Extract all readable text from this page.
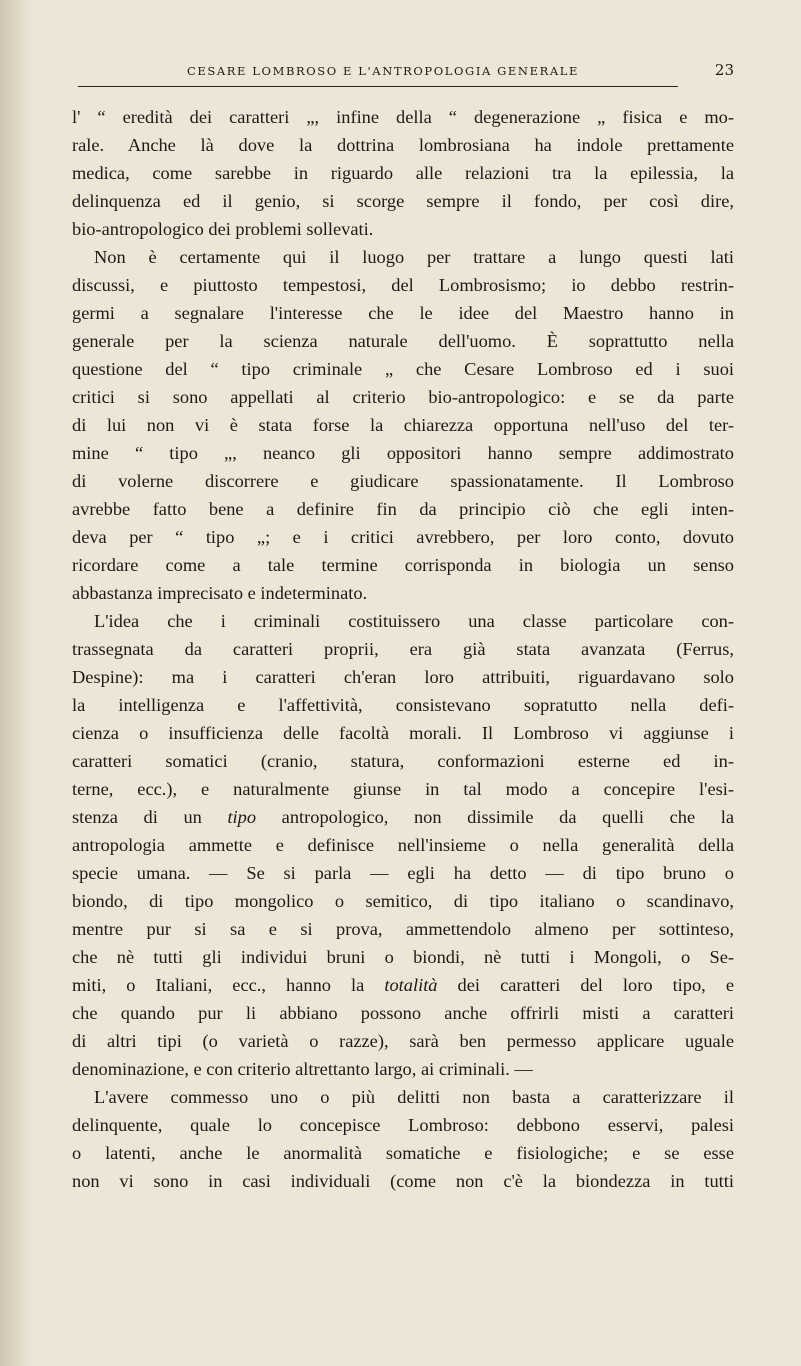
CESARE LOMBROSO E L'ANTROPOLOGIA GENERALE	23
l' “ eredità dei caratteri „, infine della “ degenerazione „ fisica e mo-
rale. Anche là dove la dottrina lombrosiana ha indole prettamente
medica, come sarebbe in riguardo alle relazioni tra la epilessia, la
delinquenza ed il genio, si scorge sempre il fondo, per così dire,
bio-antropologico dei problemi sollevati.
Non è certamente qui il luogo per trattare a lungo questi lati
discussi, e piuttosto tempestosi, del Lombrosismo; io debbo restrin-
germi a segnalare l'interesse che le idee del Maestro hanno in
generale per la scienza naturale dell'uomo. È soprattutto nella
questione del “ tipo criminale „ che Cesare Lombroso ed i suoi
critici si sono appellati al criterio bio-antropologico: e se da parte
di lui non vi è stata forse la chiarezza opportuna nell'uso del ter-
mine “ tipo „, neanco gli oppositori hanno sempre addimostrato
di volerne discorrere e giudicare spassionatamente. Il Lombroso
avrebbe fatto bene a definire fin da principio ciò che egli inten-
deva per “ tipo „; e i critici avrebbero, per loro conto, dovuto
ricordare come a tale termine corrisponda in biologia un senso
abbastanza imprecisato e indeterminato.
L'idea che i criminali costituissero una classe particolare con-
trassegnata da caratteri proprii, era già stata avanzata (Ferrus,
Despine): ma i caratteri ch'eran loro attribuiti, riguardavano solo
la intelligenza e l'affettività, consistevano sopratutto nella defi-
cienza o insufficienza delle facoltà morali. Il Lombroso vi aggiunse i
caratteri somatici (cranio, statura, conformazioni esterne ed in-
terne, ecc.), e naturalmente giunse in tal modo a concepire l'esi-
stenza di un tipo antropologico, non dissimile da quelli che la
antropologia ammette e definisce nell'insieme o nella generalità della
specie umana. — Se si parla — egli ha detto — di tipo bruno o
biondo, di tipo mongolico o semitico, di tipo italiano o scandinavo,
mentre pur si sa e si prova, ammettendolo almeno per sottinteso,
che nè tutti gli individui bruni o biondi, nè tutti i Mongoli, o Se-
miti, o Italiani, ecc., hanno la totalità dei caratteri del loro tipo, e
che quando pur li abbiano possono anche offrirli misti a caratteri
di altri tipi (o varietà o razze), sarà ben permesso applicare uguale
denominazione, e con criterio altrettanto largo, ai criminali. —
L'avere commesso uno o più delitti non basta a caratterizzare il
delinquente, quale lo concepisce Lombroso: debbono esservi, palesi
o latenti, anche le anormalità somatiche e fisiologiche; e se esse
non vi sono in casi individuali (come non c'è la biondezza in tutti
